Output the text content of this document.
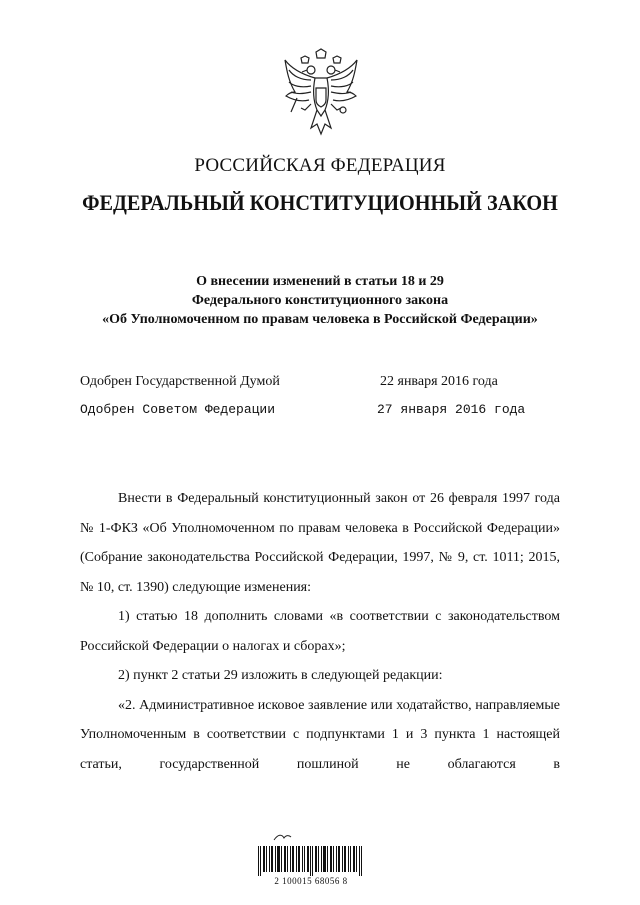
РОССИЙСКАЯ ФЕДЕРАЦИЯ
ФЕДЕРАЛЬНЫЙ КОНСТИТУЦИОННЫЙ ЗАКОН
О внесении изменений в статьи 18 и 29
Федерального конституционного закона
«Об Уполномоченном по правам человека в Российской Федерации»
Одобрен Государственной Думой	22 января 2016 года
Одобрен Советом Федерации	27 января 2016 года

Внести в Федеральный конституционный закон от 26 февраля 1997 года № 1-ФКЗ «Об Уполномоченном по правам человека в Российской Федерации» (Собрание законодательства Российской Федерации, 1997, № 9, ст. 1011; 2015, № 10, ст. 1390) следующие изменения:

1) статью 18 дополнить словами «в соответствии с законодательством Российской Федерации о налогах и сборах»;

2) пункт 2 статьи 29 изложить в следующей редакции:

«2. Административное исковое заявление или ходатайство, направляемые Уполномоченным в соответствии с подпунктами 1 и 3 пункта 1 настоящей статьи, государственной пошлиной не облагаются в

2 100015 68056 8
